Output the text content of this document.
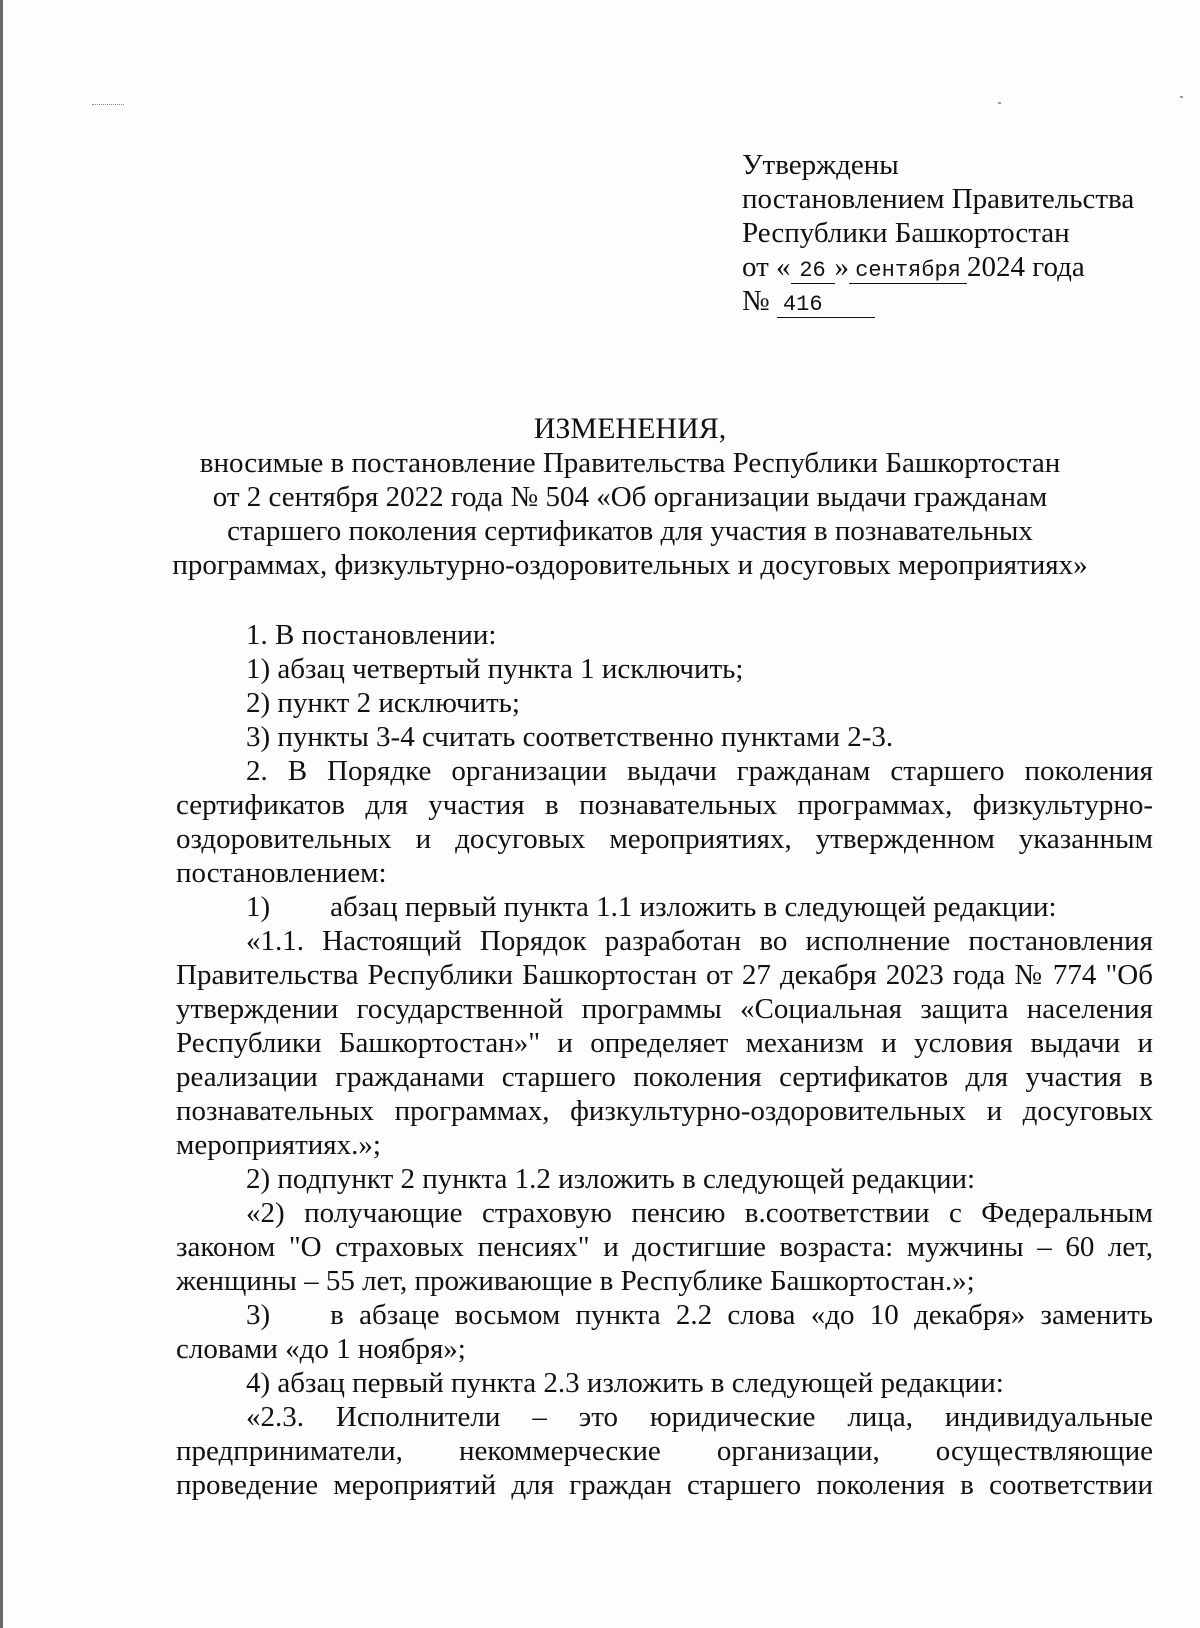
Утверждены
постановлением Правительства
Республики Башкортостан
от « 26 » сентября 2024 года
№ 416
ИЗМЕНЕНИЯ,
вносимые в постановление Правительства Республики Башкортостан
от 2 сентября 2022 года № 504 «Об организации выдачи гражданам
старшего поколения сертификатов для участия в познавательных
программах, физкультурно-оздоровительных и досуговых мероприятиях»

1. В постановлении:

1) абзац четвертый пункта 1 исключить;

2) пункт 2 исключить;

3) пункты 3-4 считать соответственно пунктами 2-3.

2. В Порядке организации выдачи гражданам старшего поколения сертификатов для участия в познавательных программах, физкультурно-оздоровительных и досуговых мероприятиях, утвержденном указанным постановлением:

1) абзац первый пункта 1.1 изложить в следующей редакции:

«1.1. Настоящий Порядок разработан во исполнение постановления Правительства Республики Башкортостан от 27 декабря 2023 года № 774 "Об утверждении государственной программы «Социальная защита населения Республики Башкортостан»" и определяет механизм и условия выдачи и реализации гражданами старшего поколения сертификатов для участия в познавательных программах, физкультурно-оздоровительных и досуговых мероприятиях.»;

2) подпункт 2 пункта 1.2 изложить в следующей редакции:

«2) получающие страховую пенсию в.соответствии с Федеральным законом "О страховых пенсиях" и достигшие возраста: мужчины – 60 лет, женщины – 55 лет, проживающие в Республике Башкортостан.»;

3) в абзаце восьмом пункта 2.2 слова «до 10 декабря» заменить словами «до 1 ноября»;

4) абзац первый пункта 2.3 изложить в следующей редакции:

«2.3. Исполнители – это юридические лица, индивидуальные предприниматели, некоммерческие организации, осуществляющие проведение мероприятий для граждан старшего поколения в соответствии
